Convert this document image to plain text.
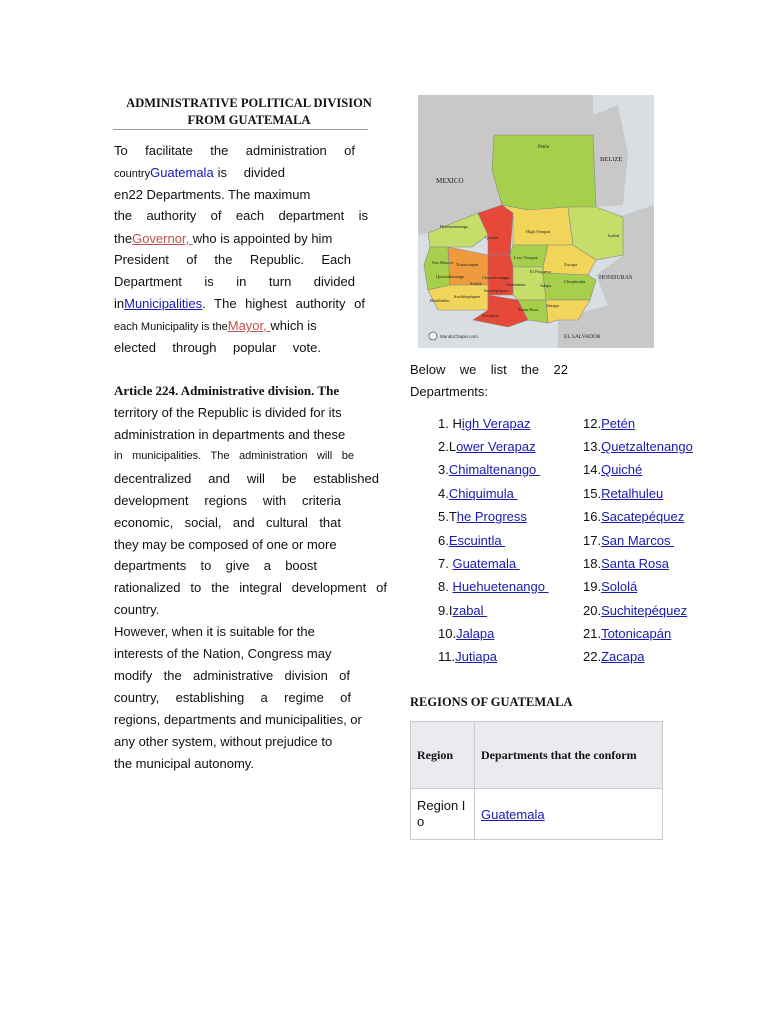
ADMINISTRATIVE POLITICAL DIVISION
FROM GUATEMALA
To facilitate the administration of
countryGuatemala is divided
en22 Departments. The maximum
the authority of each department is
theGovernor, who is appointed by him
President of the Republic. Each
Department is in turn divided
inMunicipalities . The highest authority of
each Municipality is theMayor, which is
elected through popular vote.
Article 224. Administrative division. The
territory of the Republic is divided for its
administration in departments and these
in municipalities. The administration will be
decentralized and will be established
development regions with criteria
economic, social, and cultural that
they may be composed of one or more
departments to give a boost
rationalized to the integral development of
country.
However, when it is suitable for the
interests of the Nation, Congress may
modify the administrative division of
country, establishing a regime of
regions, departments and municipalities, or
any other system, without prejudice to
the municipal autonomy.
Petén
BELIZE
MEXICO
Huehuetenango
Quiché
High Verapaz
Izabal
San Marcos Totonicapán
Low Verapaz
El Progreso
Zacapa
Quetzaltenango	Chimaltenango
Sololá	Guatemala	Jalapa
Chiquimula
HONDURAS
Suchitepéquez
Sacatepéquez
Retalhuleu
Escuintla
Santa Rosa
Jutiapa
EL SALVADOR
MundoChapin.com
Below we list the 22
Departments:
1. High Verapaz
2.Lower Verapaz
3.Chimaltenango
4.Chiquimula
5.The Progress
6.Escuintla
7. Guatemala
8. Huehuetenango
9.Izabal
10.Jalapa
11.Jutiapa
12.Petén
13.Quetzaltenango
14.Quiché
15.Retalhuleu
16.Sacatepéquez
17.San Marcos
18.Santa Rosa
19.Sololá
20.Suchitepéquez
21.Totonicapán
22.Zacapa
REGIONS OF GUATEMALA
Region	Departments that the conform
Region I o	Guatemala
